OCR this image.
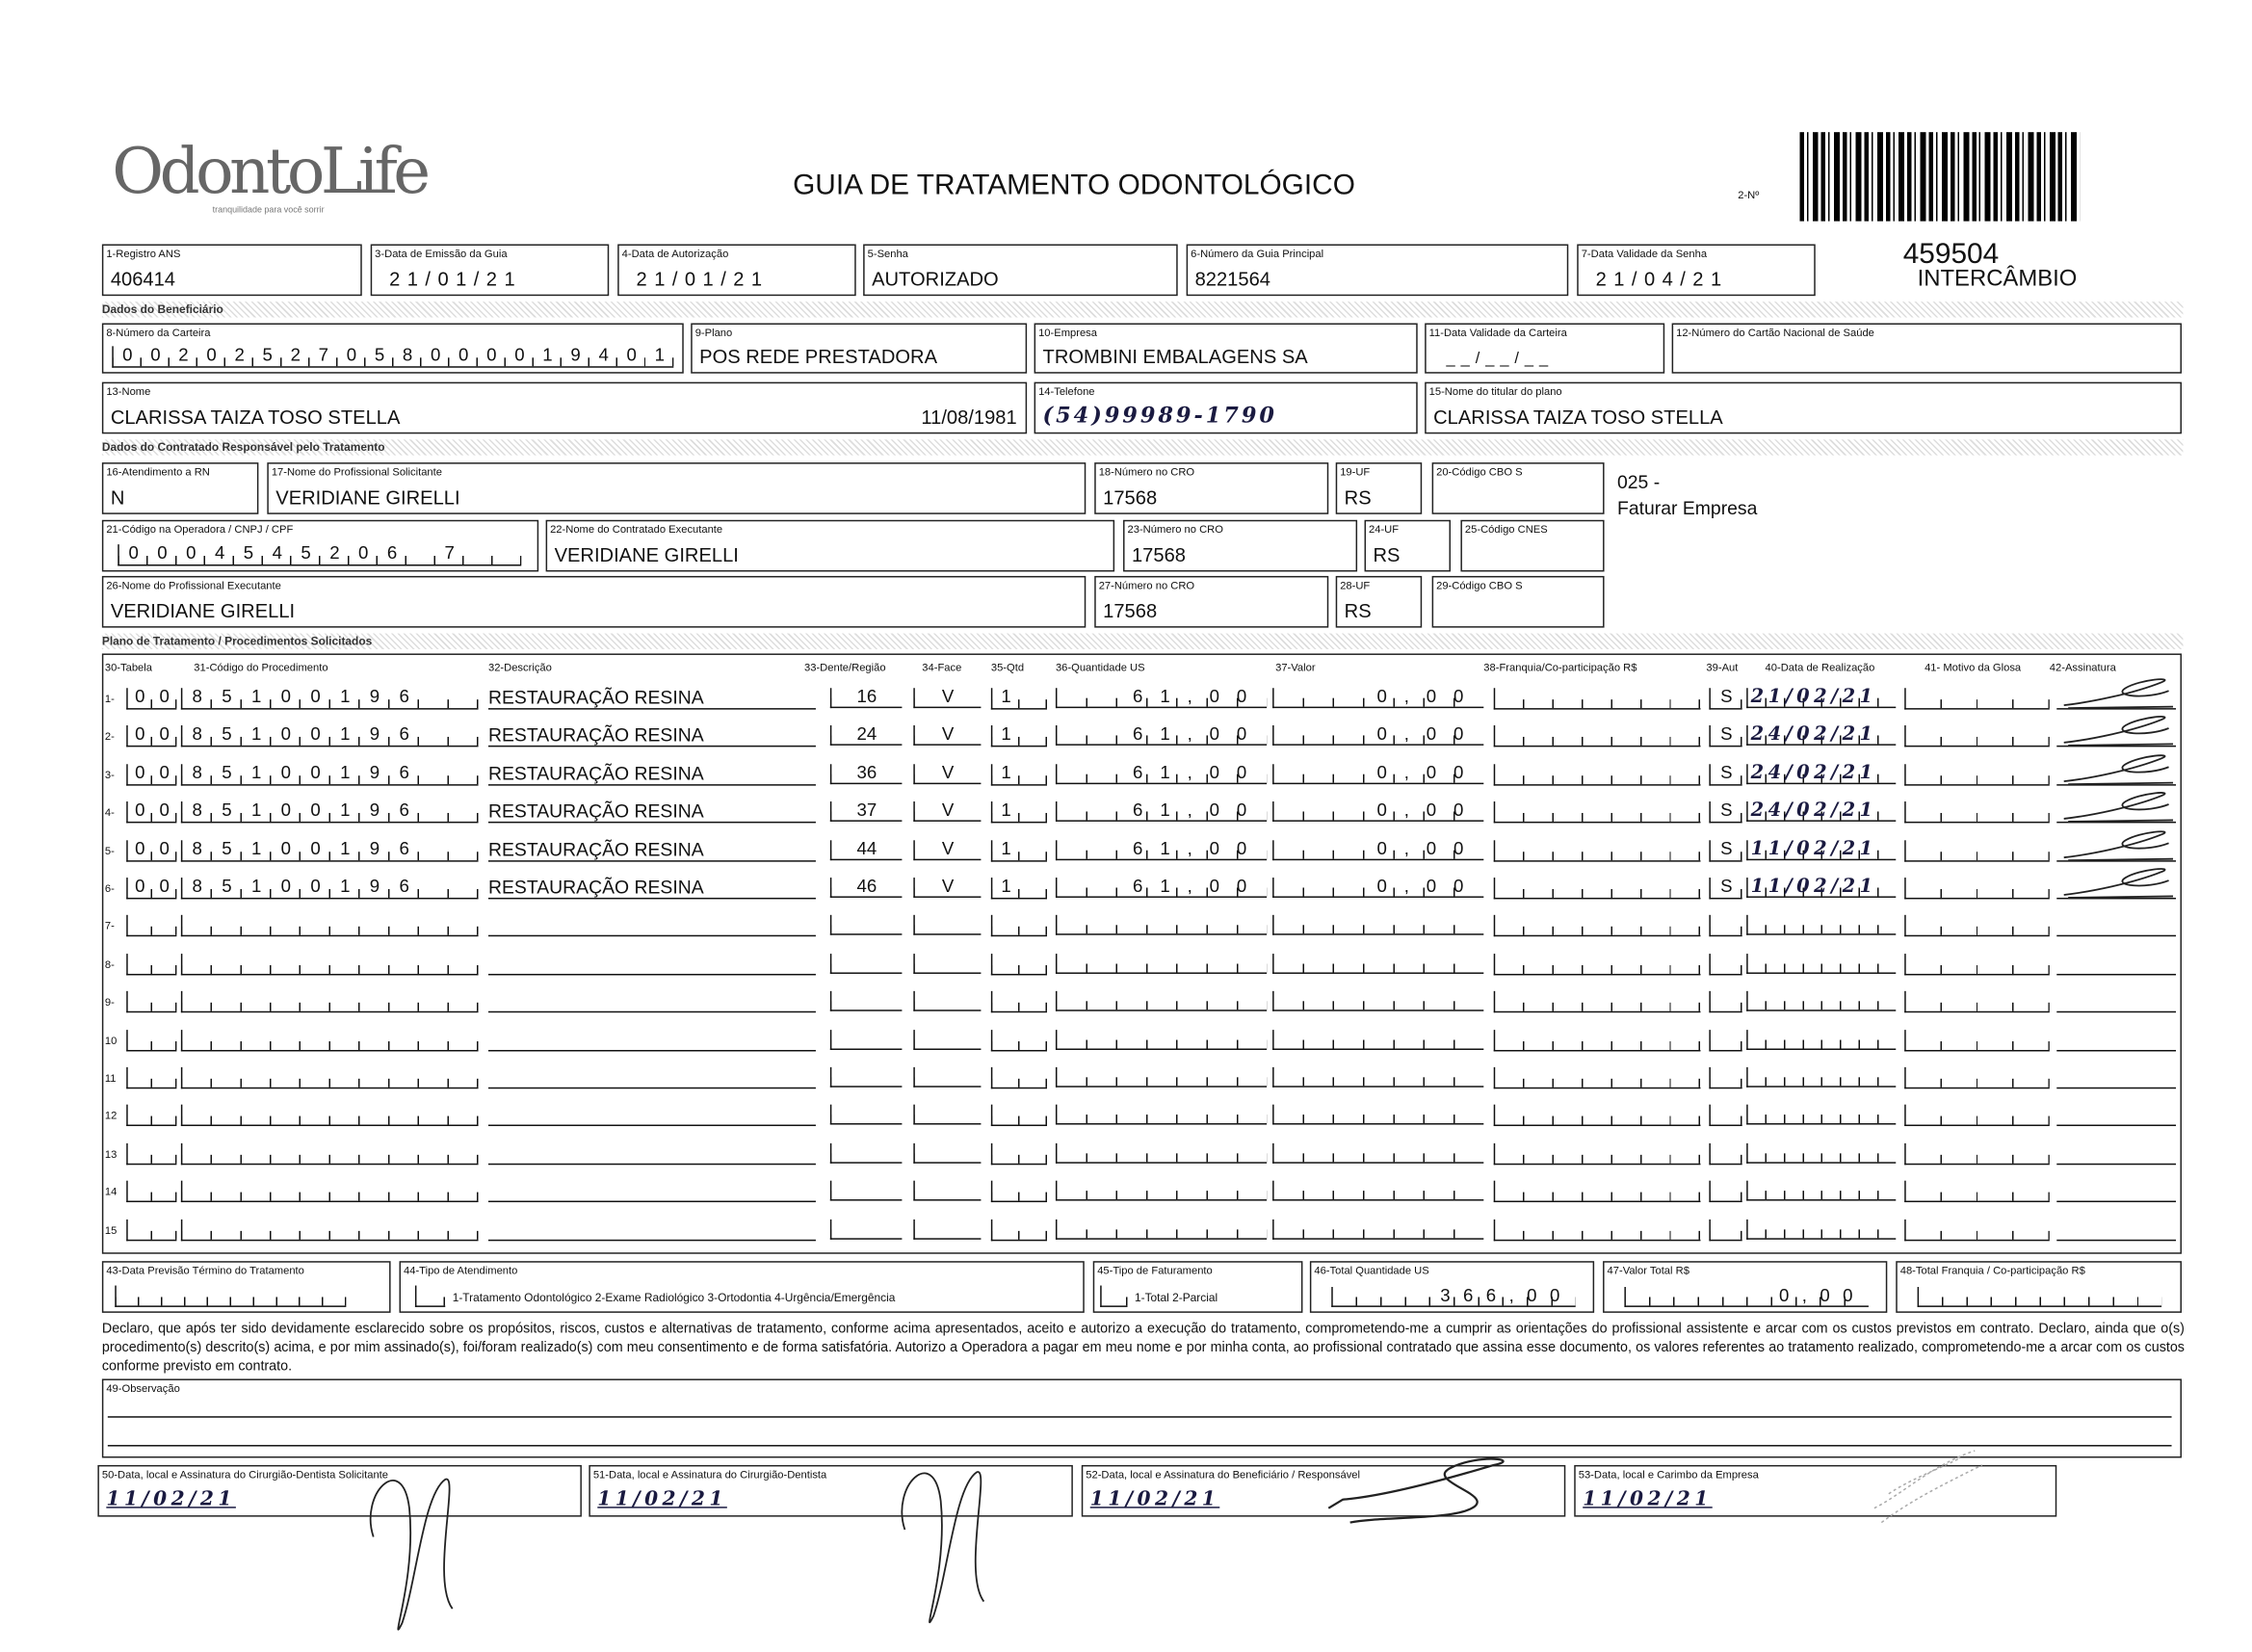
OdontoLife
tranquilidade para você sorrir
GUIA DE TRATAMENTO ODONTOLÓGICO	2-Nº
459504
INTERCÂMBIO
1-Registro ANS
406414
3-Data de Emissão da Guia
21/01/21
4-Data de Autorização
21/01/21
5-Senha
AUTORIZADO
6-Número da Guia Principal
8221564
7-Data Validade da Senha
21/04/21
Dados do Beneficiário
8-Número da Carteira
0	0	2	0	2	5	2	7	0	5	8	0	0	0	0	1	9	4	0	1
9-Plano
POS REDE PRESTADORA
10-Empresa
TROMBINI EMBALAGENS SA
11-Data Validade da Carteira
__/__/__
12-Número do Cartão Nacional de Saúde
13-Nome
CLARISSA TAIZA TOSO STELLA	11/08/1981
14-Telefone
(54)99989-1790
15-Nome do titular do plano
CLARISSA TAIZA TOSO STELLA
Dados do Contratado Responsável pelo Tratamento
16-Atendimento a RN
N
17-Nome do Profissional Solicitante
VERIDIANE GIRELLI
18-Número no CRO
17568
19-UF
RS
20-Código CBO S	025 -
Faturar Empresa
21-Código na Operadora / CNPJ / CPF
0	0	0	4	5	4	5	2	0	6	7
22-Nome do Contratado Executante
VERIDIANE GIRELLI
23-Número no CRO
17568
24-UF
RS
25-Código CNES
26-Nome do Profissional Executante
VERIDIANE GIRELLI
27-Número no CRO
17568
28-UF
RS
29-Código CBO S
Plano de Tratamento / Procedimentos Solicitados
30-Tabela	31-Código do Procedimento	32-Descrição	33-Dente/Região	34-Face	35-Qtd	36-Quantidade US	37-Valor	38-Franquia/Co-participação R$	39-Aut	40-Data de Realização	41- Motivo da Glosa	42-Assinatura
1-	0	0	8	5	1	0	0	1	9	6	RESTAURAÇÃO RESINA	16	V	1	61,00	0,00	S	21/02/21
2-	0	0	8	5	1	0	0	1	9	6	RESTAURAÇÃO RESINA	24	V	1	61,00	0,00	S	24/02/21
3-	0	0	8	5	1	0	0	1	9	6	RESTAURAÇÃO RESINA	36	V	1	61,00	0,00	S	24/02/21
4-	0	0	8	5	1	0	0	1	9	6	RESTAURAÇÃO RESINA	37	V	1	61,00	0,00	S	24/02/21
5-	0	0	8	5	1	0	0	1	9	6	RESTAURAÇÃO RESINA	44	V	1	61,00	0,00	S	11/02/21
6-	0	0	8	5	1	0	0	1	9	6	RESTAURAÇÃO RESINA	46	V	1	61,00	0,00	S	11/02/21
7-
8-
9-
10
11
12
13
14
15
43-Data Previsão Término do Tratamento	44-Tipo de Atendimento
1-Tratamento Odontológico 2-Exame Radiológico 3-Ortodontia 4-Urgência/Emergência
45-Tipo de Faturamento
1-Total 2-Parcial
46-Total Quantidade US
366,00
47-Valor Total R$
0,00
48-Total Franquia / Co-participação R$
Declaro, que após ter sido devidamente esclarecido sobre os propósitos, riscos, custos e alternativas de tratamento, conforme acima apresentados, aceito e autorizo a execução do tratamento, comprometendo-me a cumprir as orientações do profissional assistente e arcar com os custos previstos em contrato. Declaro, ainda que o(s) procedimento(s) descrito(s) acima, e por mim assinado(s), foi/foram realizado(s) com meu consentimento e de forma satisfatória. Autorizo a Operadora a pagar em meu nome e por minha conta, ao profissional contratado que assina esse documento, os valores referentes ao tratamento realizado, comprometendo-me a arcar com os custos conforme previsto em contrato.
49-Observação
50-Data, local e Assinatura do Cirurgião-Dentista Solicitante
11/02/21
51-Data, local e Assinatura do Cirurgião-Dentista
11/02/21
52-Data, local e Assinatura do Beneficiário / Responsável
11/02/21
53-Data, local e Carimbo da Empresa
11/02/21
